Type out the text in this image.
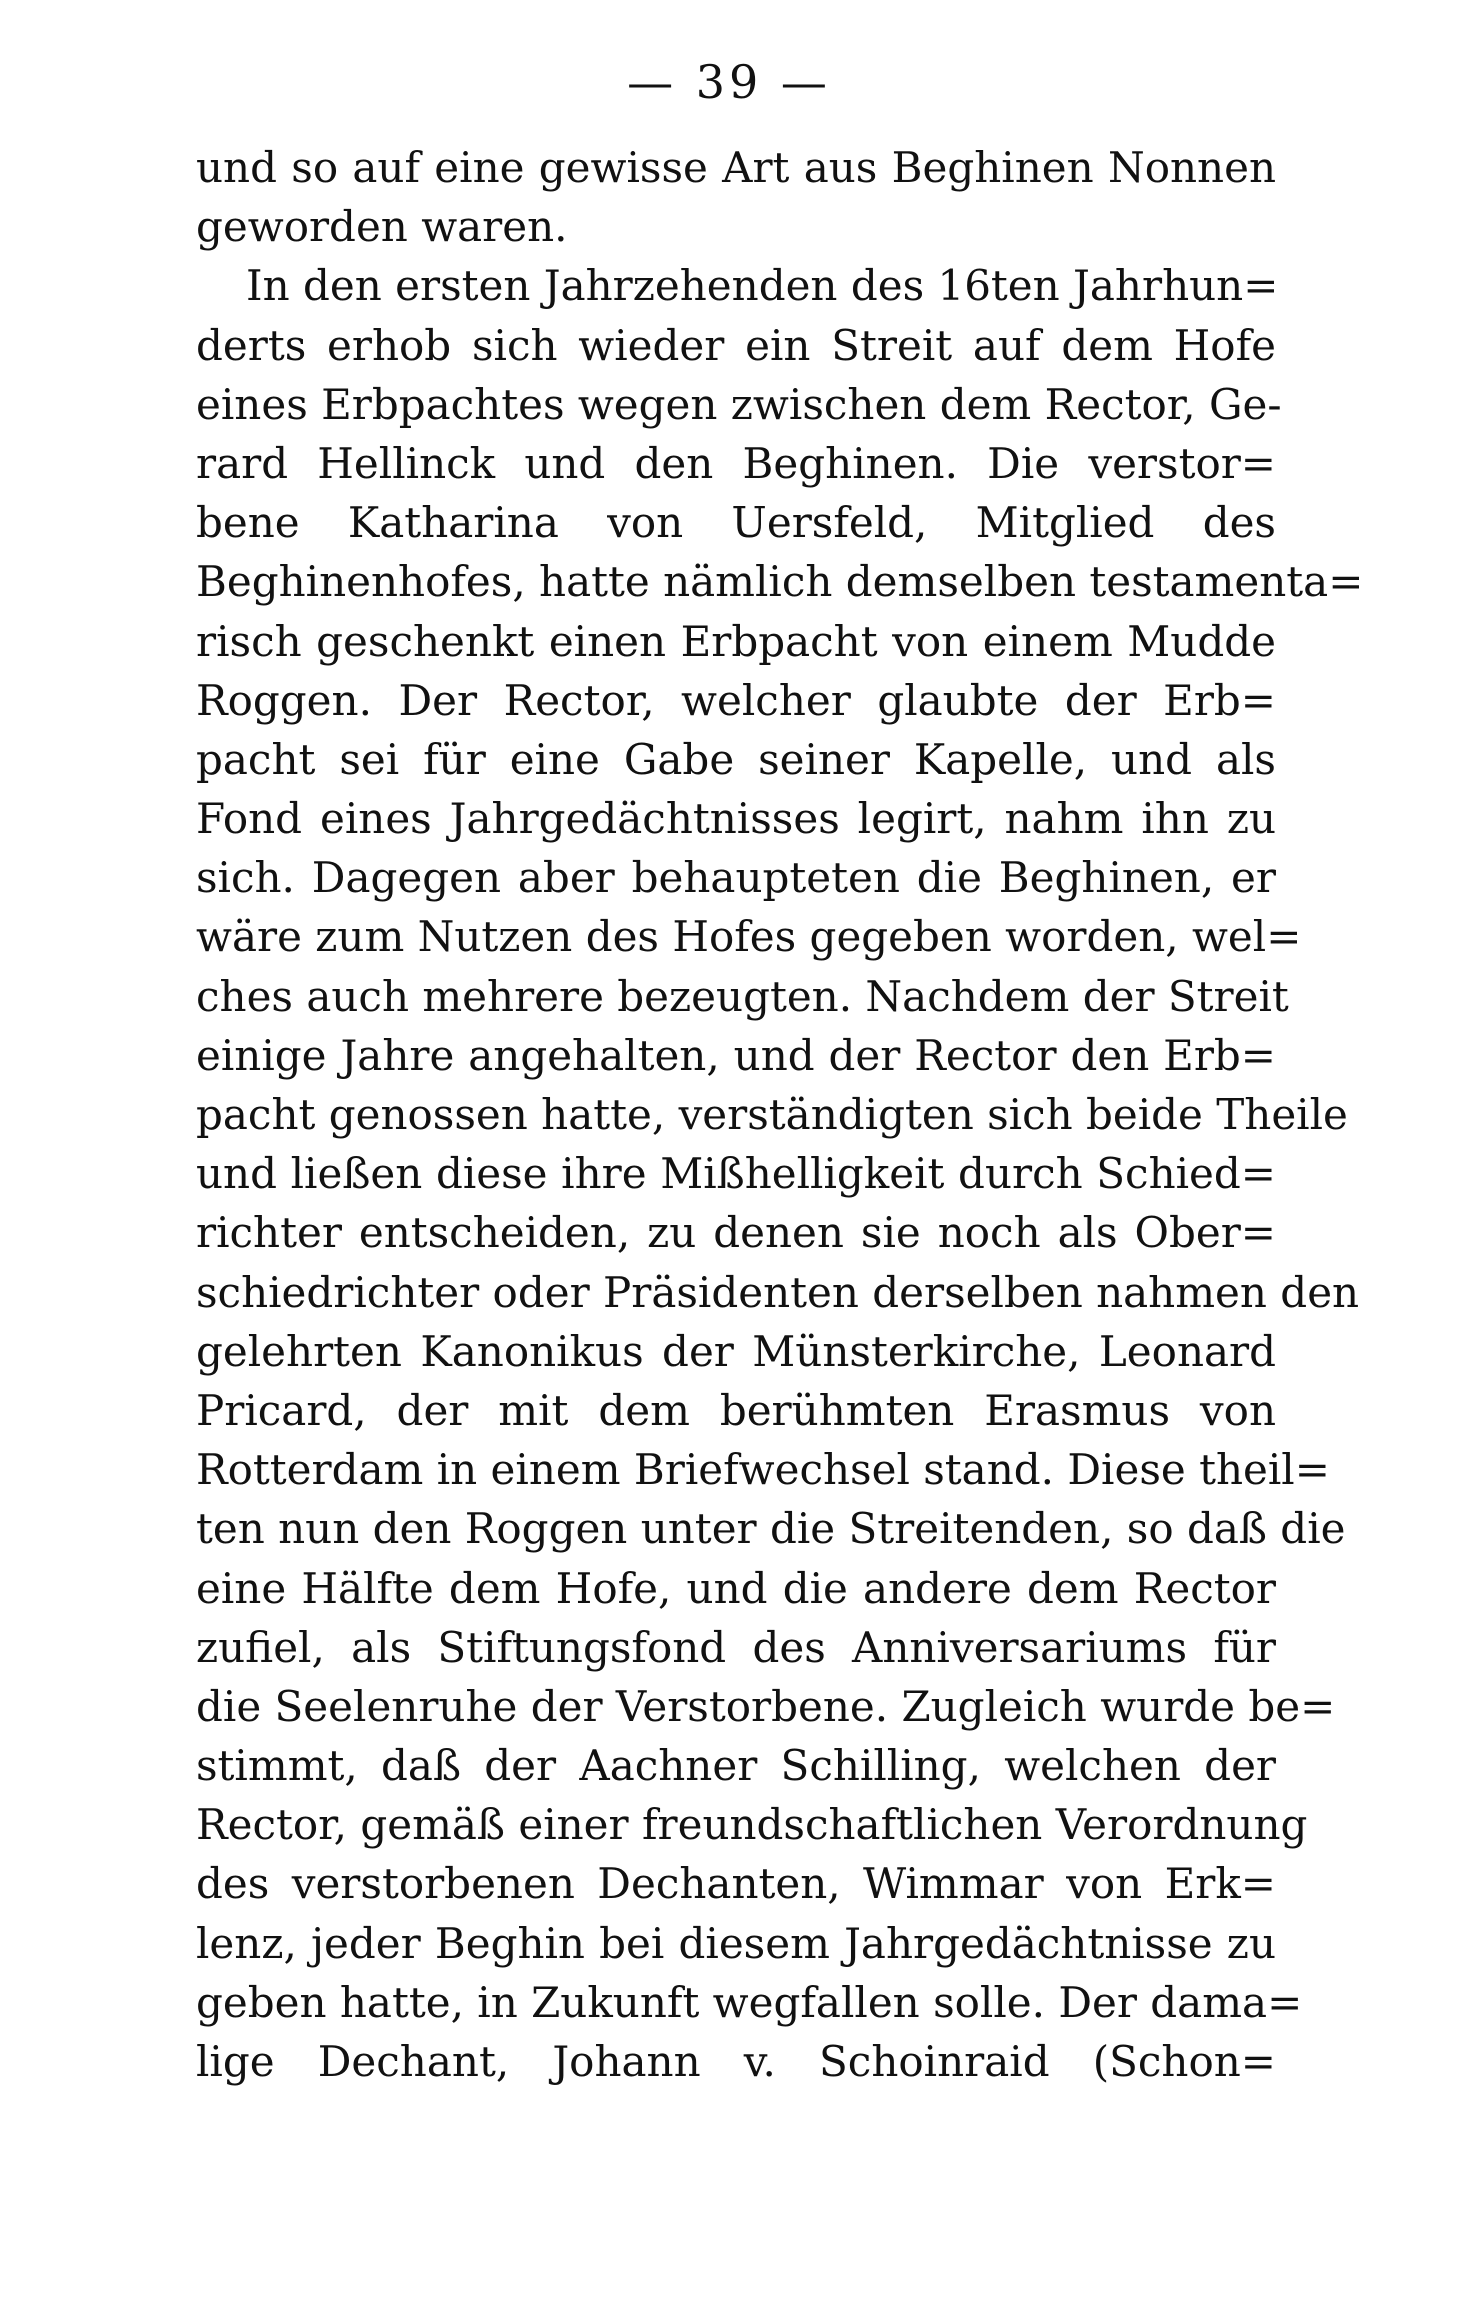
— 39 —
und so auf eine gewisse Art aus Beghinen Nonnen
geworden waren.
In den ersten Jahrzehenden des 16ten Jahrhun=
derts erhob sich wieder ein Streit auf dem Hofe
eines Erbpachtes wegen zwischen dem Rector, Ge-
rard Hellinck und den Beghinen. Die verstor=
bene Katharina von Uersfeld, Mitglied des
Beghinenhofes, hatte nämlich demselben testamenta=
risch geschenkt einen Erbpacht von einem Mudde
Roggen. Der Rector, welcher glaubte der Erb=
pacht sei für eine Gabe seiner Kapelle, und als
Fond eines Jahrgedächtnisses legirt, nahm ihn zu
sich. Dagegen aber behaupteten die Beghinen, er
wäre zum Nutzen des Hofes gegeben worden, wel=
ches auch mehrere bezeugten. Nachdem der Streit
einige Jahre angehalten, und der Rector den Erb=
pacht genossen hatte, verständigten sich beide Theile
und ließen diese ihre Mißhelligkeit durch Schied=
richter entscheiden, zu denen sie noch als Ober=
schiedrichter oder Präsidenten derselben nahmen den
gelehrten Kanonikus der Münsterkirche, Leonard
Pricard, der mit dem berühmten Erasmus von
Rotterdam in einem Briefwechsel stand. Diese theil=
ten nun den Roggen unter die Streitenden, so daß die
eine Hälfte dem Hofe, und die andere dem Rector
zufiel, als Stiftungsfond des Anniversariums für
die Seelenruhe der Verstorbene. Zugleich wurde be=
stimmt, daß der Aachner Schilling, welchen der
Rector, gemäß einer freundschaftlichen Verordnung
des verstorbenen Dechanten, Wimmar von Erk=
lenz, jeder Beghin bei diesem Jahrgedächtnisse zu
geben hatte, in Zukunft wegfallen solle. Der dama=
lige Dechant, Johann v. Schoinraid (Schon=
